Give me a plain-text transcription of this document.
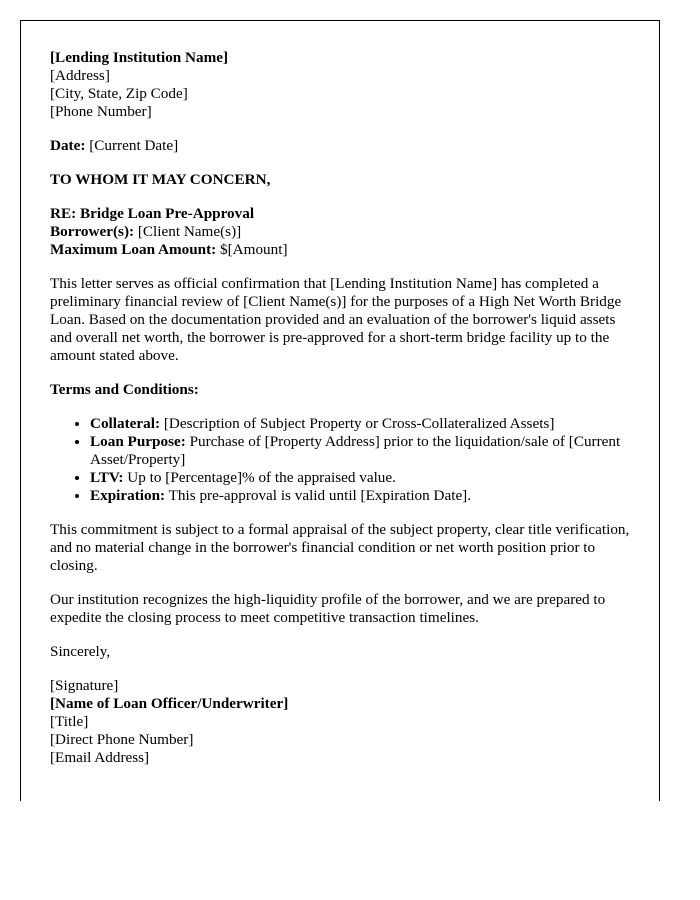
[Lending Institution Name]

[Address]

[City, State, Zip Code]

[Phone Number]

Date: [Current Date]

TO WHOM IT MAY CONCERN,

RE: Bridge Loan Pre-Approval

Borrower(s): [Client Name(s)]

Maximum Loan Amount: $[Amount]

This letter serves as official confirmation that [Lending Institution Name] has completed a preliminary financial review of [Client Name(s)] for the purposes of a High Net Worth Bridge Loan. Based on the documentation provided and an evaluation of the borrower's liquid assets and overall net worth, the borrower is pre-approved for a short-term bridge facility up to the amount stated above.

Terms and Conditions:

• Collateral: [Description of Subject Property or Cross-Collateralized Assets]
• Loan Purpose: Purchase of [Property Address] prior to the liquidation/sale of [Current Asset/Property]
• LTV: Up to [Percentage]% of the appraised value.
• Expiration: This pre-approval is valid until [Expiration Date].

This commitment is subject to a formal appraisal of the subject property, clear title verification, and no material change in the borrower's financial condition or net worth position prior to closing.

Our institution recognizes the high-liquidity profile of the borrower, and we are prepared to expedite the closing process to meet competitive transaction timelines.

Sincerely,

[Signature]

[Name of Loan Officer/Underwriter]

[Title]

[Direct Phone Number]

[Email Address]
